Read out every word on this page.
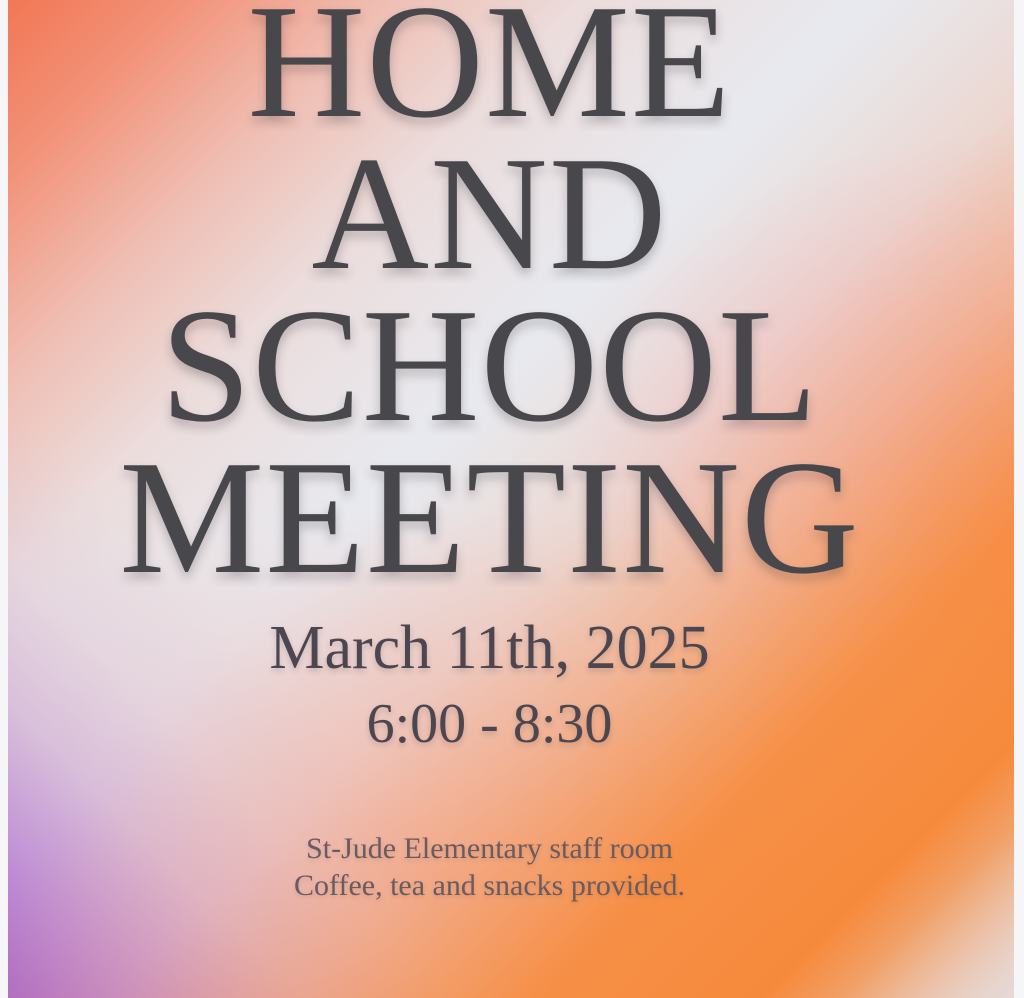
HOME
AND
SCHOOL
MEETING
March 11th, 2025
6:00 - 8:30
St-Jude Elementary staff room
Coffee, tea and snacks provided.
